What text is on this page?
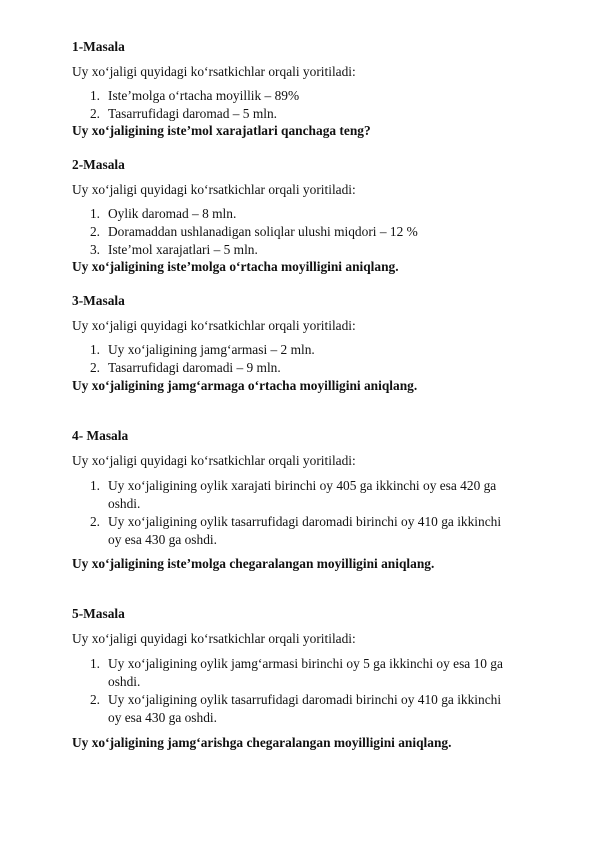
1-Masala
Uy xo‘jaligi quyidagi ko‘rsatkichlar orqali yoritiladi:
1. Iste’molga o‘rtacha moyillik – 89%
2. Tasarrufidagi daromad – 5 mln.
Uy xo‘jaligining iste’mol xarajatlari qanchaga teng?
2-Masala
Uy xo‘jaligi quyidagi ko‘rsatkichlar orqali yoritiladi:
1. Oylik daromad – 8 mln.
2. Doramaddan ushlanadigan soliqlar ulushi miqdori – 12 %
3. Iste’mol xarajatlari – 5 mln.
Uy xo‘jaligining iste’molga o‘rtacha moyilligini aniqlang.
3-Masala
Uy xo‘jaligi quyidagi ko‘rsatkichlar orqali yoritiladi:
1. Uy xo‘jaligining jamg‘armasi – 2 mln.
2. Tasarrufidagi daromadi – 9 mln.
Uy xo‘jaligining jamg‘armaga o‘rtacha moyilligini aniqlang.
4- Masala
Uy xo‘jaligi quyidagi ko‘rsatkichlar orqali yoritiladi:
1. Uy xo‘jaligining oylik xarajati birinchi oy 405 ga ikkinchi oy esa 420 ga
oshdi.
2. Uy xo‘jaligining oylik tasarrufidagi daromadi birinchi oy 410 ga ikkinchi
oy esa 430 ga oshdi.
Uy xo‘jaligining iste’molga chegaralangan moyilligini aniqlang.
5-Masala
Uy xo‘jaligi quyidagi ko‘rsatkichlar orqali yoritiladi:
1. Uy xo‘jaligining oylik jamg‘armasi birinchi oy 5 ga ikkinchi oy esa 10 ga
oshdi.
2. Uy xo‘jaligining oylik tasarrufidagi daromadi birinchi oy 410 ga ikkinchi
oy esa 430 ga oshdi.
Uy xo‘jaligining jamg‘arishga chegaralangan moyilligini aniqlang.
